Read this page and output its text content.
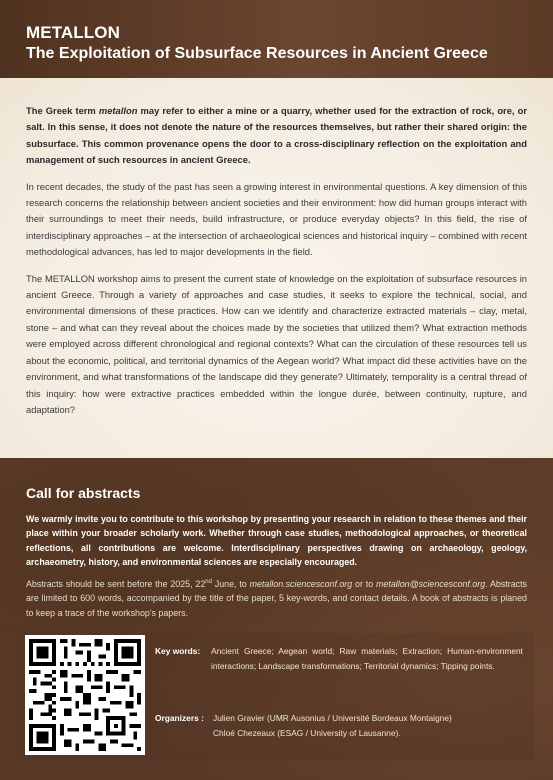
METALLON
The Exploitation of Subsurface Resources in Ancient Greece

The Greek term metallon may refer to either a mine or a quarry, whether used for the extraction of rock, ore, or salt. In this sense, it does not denote the nature of the resources themselves, but rather their shared origin: the subsurface. This common provenance opens the door to a cross-disciplinary reflection on the exploitation and management of such resources in ancient Greece.

In recent decades, the study of the past has seen a growing interest in environmental questions. A key dimension of this research concerns the relationship between ancient societies and their environment: how did human groups interact with their surroundings to meet their needs, build infrastructure, or produce everyday objects? In this field, the rise of interdisciplinary approaches – at the intersection of archaeological sciences and historical inquiry – combined with recent methodological advances, has led to major developments in the field.

The METALLON workshop aims to present the current state of knowledge on the exploitation of subsurface resources in ancient Greece. Through a variety of approaches and case studies, it seeks to explore the technical, social, and environmental dimensions of these practices. How can we identify and characterize extracted materials – clay, metal, stone – and what can they reveal about the choices made by the societies that utilized them? What extraction methods were employed across different chronological and regional contexts? What can the circulation of these resources tell us about the economic, political, and territorial dynamics of the Aegean world? What impact did these activities have on the environment, and what transformations of the landscape did they generate? Ultimately, temporality is a central thread of this inquiry: how were extractive practices embedded within the longue durée, between continuity, rupture, and adaptation?

Call for abstracts
We warmly invite you to contribute to this workshop by presenting your research in relation to these themes and their place within your broader scholarly work. Whether through case studies, methodological approaches, or theoretical reflections, all contributions are welcome. Interdisciplinary perspectives drawing on archaeology, geology, archaeometry, history, and environmental sciences are especially encouraged.
Abstracts should be sent before the 2025, 22nd June, to metallon.sciencesconf.org or to metallon@sciencesconf.org. Abstracts are limited to 600 words, accompanied by the title of the paper, 5 key-words, and contact details. A book of abstracts is planed to keep a trace of the workshop's papers.
Key words: Ancient Greece; Aegean world; Raw materials; Extraction; Human-environment interactions; Landscape transformations; Territorial dynamics; Tipping points.
Organizers : Julien Gravier (UMR Ausonius / Université Bordeaux Montaigne)
Chloé Chezeaux (ESAG / University of Lausanne).
